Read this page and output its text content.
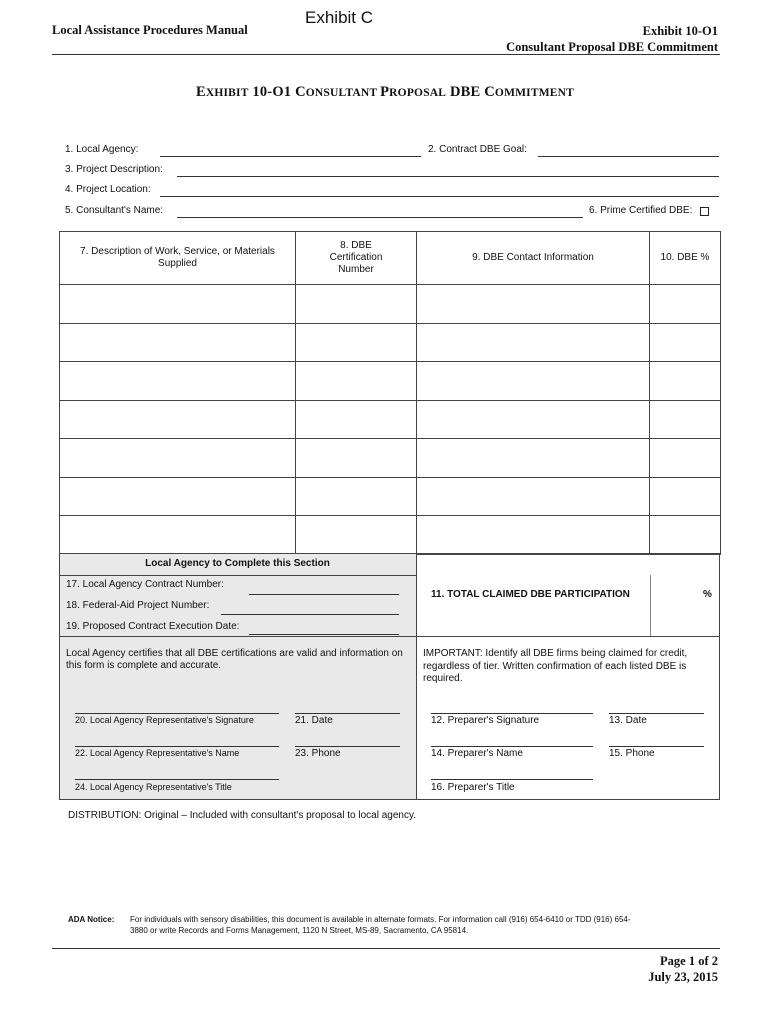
Local Assistance Procedures Manual
Exhibit C
Exhibit 10-O1
Consultant Proposal DBE Commitment
EXHIBIT 10-O1 CONSULTANT PROPOSAL DBE COMMITMENT
1. Local Agency:	2. Contract DBE Goal:
3. Project Description:
4. Project Location:
5. Consultant's Name:	6. Prime Certified DBE:
7. Description of Work, Service, or Materials Supplied	8. DBE Certification Number	9. DBE Contact Information	10. DBE %

Local Agency to Complete this Section
17. Local Agency Contract Number:
18. Federal-Aid Project Number:
19. Proposed Contract Execution Date:
11. TOTAL CLAIMED DBE PARTICIPATION	%
Local Agency certifies that all DBE certifications are valid and information on this form is complete and accurate.
IMPORTANT: Identify all DBE firms being claimed for credit, regardless of tier. Written confirmation of each listed DBE is required.
20. Local Agency Representative's Signature	21. Date
22. Local Agency Representative's Name	23. Phone
24. Local Agency Representative's Title
12. Preparer's Signature	13. Date
14. Preparer's Name	15. Phone
16. Preparer's Title
DISTRIBUTION: Original – Included with consultant's proposal to local agency.
ADA Notice: For individuals with sensory disabilities, this document is available in alternate formats. For information call (916) 654-6410 or TDD (916) 654-
3880 or write Records and Forms Management, 1120 N Street, MS-89, Sacramento, CA 95814.
Page 1 of 2
July 23, 2015
